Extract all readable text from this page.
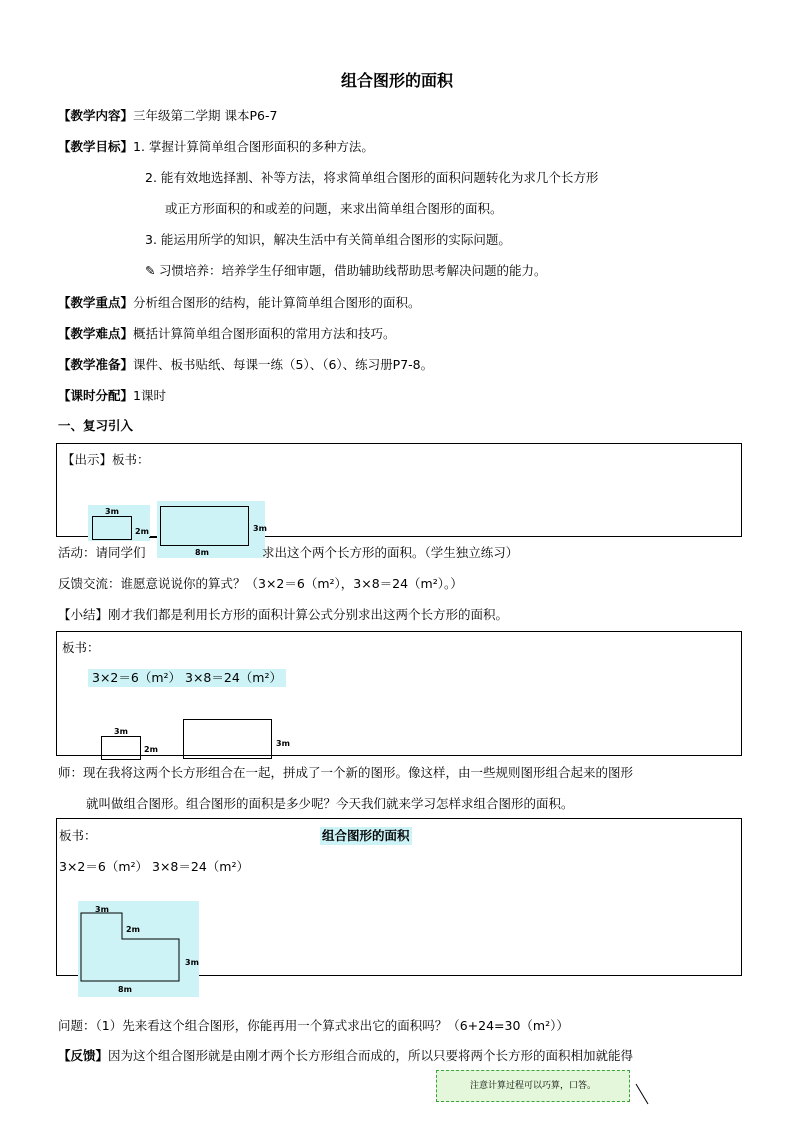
组合图形的面积
【教学内容】三年级第二学期 课本P6-7
【教学目标】1. 掌握计算简单组合图形面积的多种方法。
2. 能有效地选择割、补等方法，将求简单组合图形的面积问题转化为求几个长方形
或正方形面积的和或差的问题，来求出简单组合图形的面积。
3. 能运用所学的知识，解决生活中有关简单组合图形的实际问题。
✎ 习惯培养：培养学生仔细审题，借助辅助线帮助思考解决问题的能力。
【教学重点】分析组合图形的结构，能计算简单组合图形的面积。
【教学难点】概括计算简单组合图形面积的常用方法和技巧。
【教学准备】课件、板书贴纸、每课一练（5）、（6）、练习册P7-8。
【课时分配】1课时
一、复习引入
【出示】板书：
3m
2m	3m
8m
活动：请同学们	求出这个两个长方形的面积。（学生独立练习）
反馈交流：谁愿意说说你的算式？（3×2＝6（m²），3×8＝24（m²）。）
【小结】刚才我们都是利用长方形的面积计算公式分别求出这两个长方形的面积。
板书：
3×2＝6（m²） 3×8＝24（m²）
3m
2m
3m
师：现在我将这两个长方形组合在一起，拼成了一个新的图形。像这样，由一些规则图形组合起来的图形
就叫做组合图形。组合图形的面积是多少呢？今天我们就来学习怎样求组合图形的面积。
板书：	组合图形的面积
3×2＝6（m²） 3×8＝24（m²）
3m
2m
3m
8m
问题：（1）先来看这个组合图形，你能再用一个算式求出它的面积吗？（6+24=30（m²））
【反馈】因为这个组合图形就是由刚才两个长方形组合而成的，所以只要将两个长方形的面积相加就能得
注意计算过程可以巧算，口答。
